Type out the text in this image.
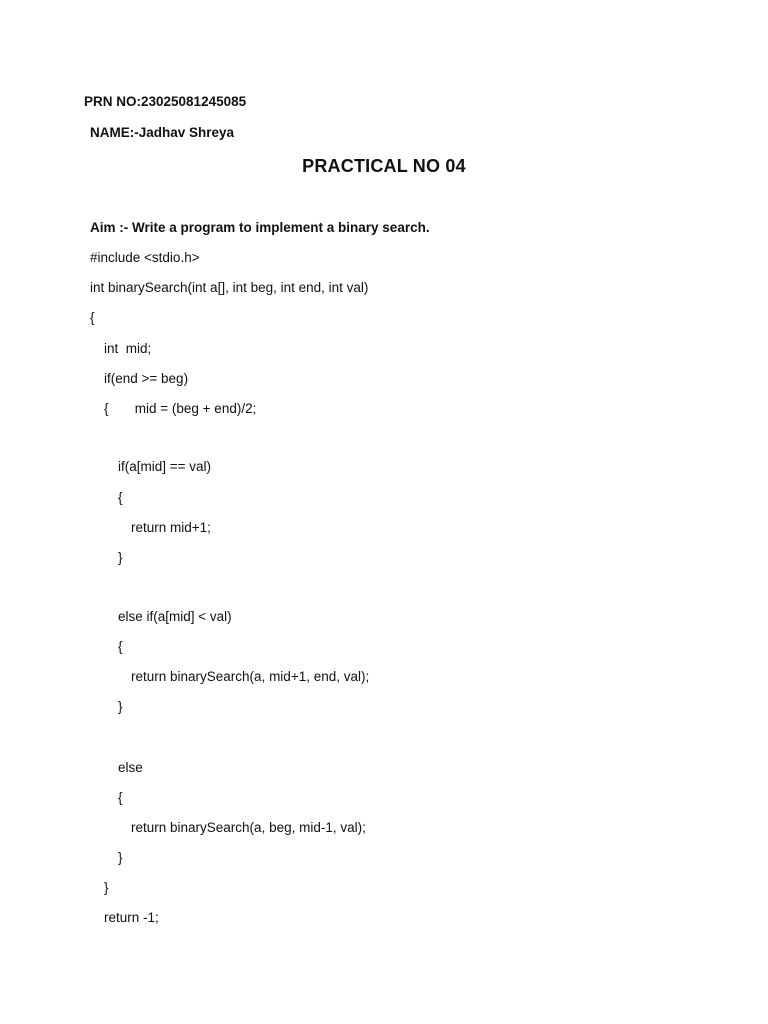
PRN NO:23025081245085
NAME:-Jadhav Shreya
PRACTICAL NO 04
Aim :- Write a program to implement a binary search.
#include <stdio.h>
int binarySearch(int a[], int beg, int end, int val)
{
int  mid;
if(end >= beg)
{       mid = (beg + end)/2;
if(a[mid] == val)
{
return mid+1;
}
else if(a[mid] < val)
{
return binarySearch(a, mid+1, end, val);
}
else
{
return binarySearch(a, beg, mid-1, val);
}
}
return -1;
